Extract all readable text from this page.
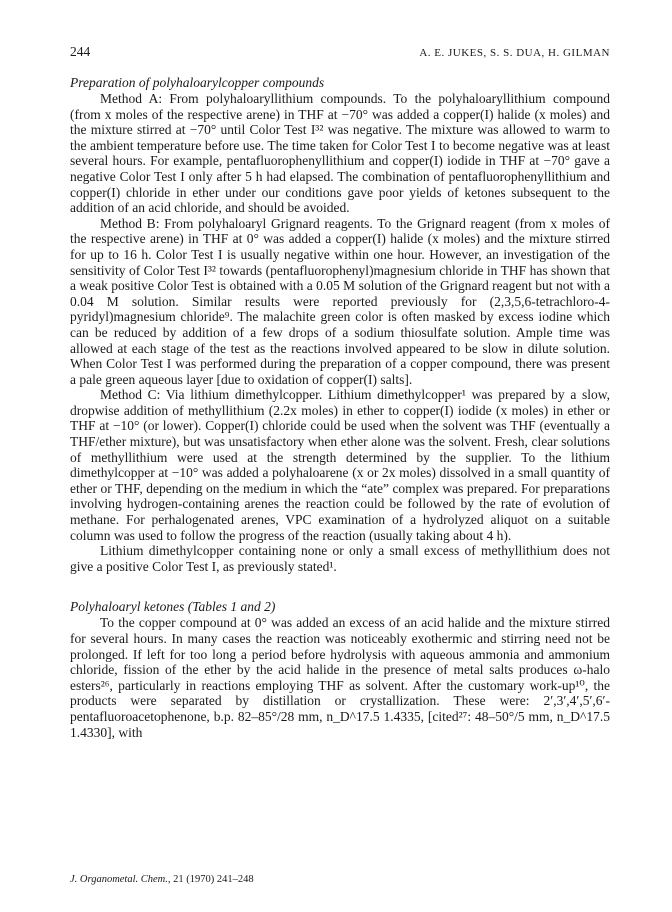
244	A. E. JUKES, S. S. DUA, H. GILMAN
Preparation of polyhaloarylcopper compounds

Method A: From polyhaloaryllithium compounds. To the polyhaloaryllithium compound (from x moles of the respective arene) in THF at −70° was added a copper(I) halide (x moles) and the mixture stirred at −70° until Color Test I³² was negative. The mixture was allowed to warm to the ambient temperature before use. The time taken for Color Test I to become negative was at least several hours. For example, pentafluorophenyllithium and copper(I) iodide in THF at −70° gave a negative Color Test I only after 5 h had elapsed. The combination of pentafluorophenyllithium and copper(I) chloride in ether under our conditions gave poor yields of ketones subsequent to the addition of an acid chloride, and should be avoided.

Method B: From polyhaloaryl Grignard reagents. To the Grignard reagent (from x moles of the respective arene) in THF at 0° was added a copper(I) halide (x moles) and the mixture stirred for up to 16 h. Color Test I is usually negative within one hour. However, an investigation of the sensitivity of Color Test I³² towards (pentafluorophenyl)magnesium chloride in THF has shown that a weak positive Color Test is obtained with a 0.05 M solution of the Grignard reagent but not with a 0.04 M solution. Similar results were reported previously for (2,3,5,6-tetrachloro-4-pyridyl)magnesium chloride⁹. The malachite green color is often masked by excess iodine which can be reduced by addition of a few drops of a sodium thiosulfate solution. Ample time was allowed at each stage of the test as the reactions involved appeared to be slow in dilute solution. When Color Test I was performed during the preparation of a copper compound, there was present a pale green aqueous layer [due to oxidation of copper(I) salts].

Method C: Via lithium dimethylcopper. Lithium dimethylcopper¹ was prepared by a slow, dropwise addition of methyllithium (2.2x moles) in ether to copper(I) iodide (x moles) in ether or THF at −10° (or lower). Copper(I) chloride could be used when the solvent was THF (eventually a THF/ether mixture), but was unsatisfactory when ether alone was the solvent. Fresh, clear solutions of methyllithium were used at the strength determined by the supplier. To the lithium dimethylcopper at −10° was added a polyhaloarene (x or 2x moles) dissolved in a small quantity of ether or THF, depending on the medium in which the “ate” complex was prepared. For preparations involving hydrogen-containing arenes the reaction could be followed by the rate of evolution of methane. For perhalogenated arenes, VPC examination of a hydrolyzed aliquot on a suitable column was used to follow the progress of the reaction (usually taking about 4 h).

Lithium dimethylcopper containing none or only a small excess of methyllithium does not give a positive Color Test I, as previously stated¹.

Polyhaloaryl ketones (Tables 1 and 2)

To the copper compound at 0° was added an excess of an acid halide and the mixture stirred for several hours. In many cases the reaction was noticeably exothermic and stirring need not be prolonged. If left for too long a period before hydrolysis with aqueous ammonia and ammonium chloride, fission of the ether by the acid halide in the presence of metal salts produces ω-halo esters²⁶, particularly in reactions employing THF as solvent. After the customary work-up¹⁰, the products were separated by distillation or crystallization. These were: 2′,3′,4′,5′,6′-pentafluoroacetophenone, b.p. 82–85°/28 mm, n_D^17.5 1.4335, [cited²⁷: 48–50°/5 mm, n_D^17.5 1.4330], with

J. Organometal. Chem., 21 (1970) 241–248
